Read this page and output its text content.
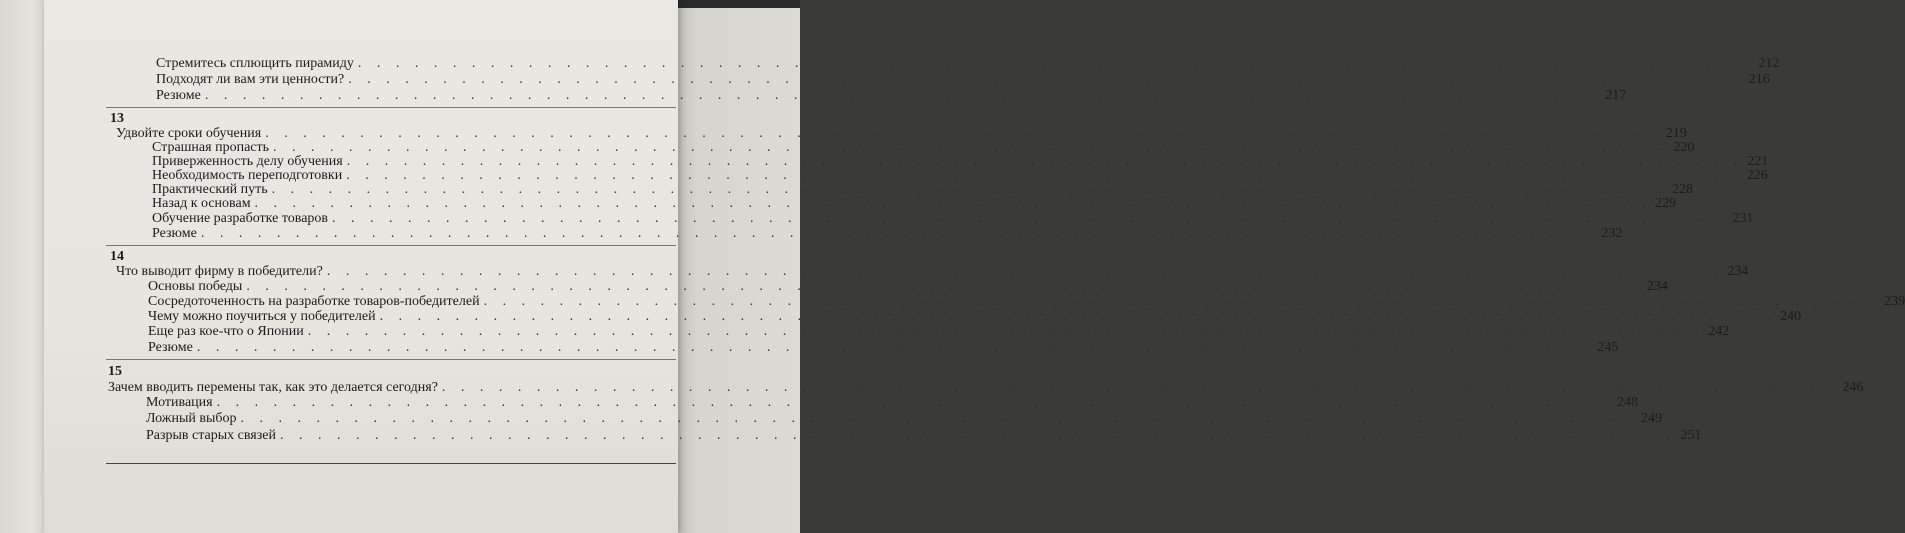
Стремитесь сплющить пирамиду . . . . . . . . . . . . . . . . . . . . . . . . . . . . . . . . . . . . . . . . . . . . . . . . . . . . . . . . . . . . . . . . . . . . . . . . . . 212
Подходят ли вам эти ценности? . . . . . . . . . . . . . . . . . . . . . . . . . . . . . . . . . . . . . . . . . . . . . . . . . . . . . . . . . . . . . . . . . . . . . . . . . . 216
Резюме . . . . . . . . . . . . . . . . . . . . . . . . . . . . . . . . . . . . . . . . . . . . . . . . . . . . . . . . . . . . . . . . . . . . . . . . . . 217
13
Удвойте сроки обучения . . . . . . . . . . . . . . . . . . . . . . . . . . . . . . . . . . . . . . . . . . . . . . . . . . . . . . . . . . . . . . . . . . . . . . . . . . 219
Страшная пропасть . . . . . . . . . . . . . . . . . . . . . . . . . . . . . . . . . . . . . . . . . . . . . . . . . . . . . . . . . . . . . . . . . . . . . . . . . . 220
Приверженность делу обучения . . . . . . . . . . . . . . . . . . . . . . . . . . . . . . . . . . . . . . . . . . . . . . . . . . . . . . . . . . . . . . . . . . . . . . . . . . 221
Необходимость переподготовки . . . . . . . . . . . . . . . . . . . . . . . . . . . . . . . . . . . . . . . . . . . . . . . . . . . . . . . . . . . . . . . . . . . . . . . . . . 226
Практический путь . . . . . . . . . . . . . . . . . . . . . . . . . . . . . . . . . . . . . . . . . . . . . . . . . . . . . . . . . . . . . . . . . . . . . . . . . . 228
Назад к основам . . . . . . . . . . . . . . . . . . . . . . . . . . . . . . . . . . . . . . . . . . . . . . . . . . . . . . . . . . . . . . . . . . . . . . . . . . 229
Обучение разработке товаров . . . . . . . . . . . . . . . . . . . . . . . . . . . . . . . . . . . . . . . . . . . . . . . . . . . . . . . . . . . . . . . . . . . . . . . . . . 231
Резюме . . . . . . . . . . . . . . . . . . . . . . . . . . . . . . . . . . . . . . . . . . . . . . . . . . . . . . . . . . . . . . . . . . . . . . . . . . 232
14
Что выводит фирму в победители? . . . . . . . . . . . . . . . . . . . . . . . . . . . . . . . . . . . . . . . . . . . . . . . . . . . . . . . . . . . . . . . . . . . . . . . . . . 234
Основы победы . . . . . . . . . . . . . . . . . . . . . . . . . . . . . . . . . . . . . . . . . . . . . . . . . . . . . . . . . . . . . . . . . . . . . . . . . . 234
Сосредоточенность на разработке товаров-победителей . . . . . . . . . . . . . . . . . . . . . . . . . . . . . . . . . . . . . . . . . . . . . . . . . . . . . . . . . . . . . . . . . . . . . . . . . . 239
Чему можно поучиться у победителей . . . . . . . . . . . . . . . . . . . . . . . . . . . . . . . . . . . . . . . . . . . . . . . . . . . . . . . . . . . . . . . . . . . . . . . . . . 240
Еще раз кое-что о Японии . . . . . . . . . . . . . . . . . . . . . . . . . . . . . . . . . . . . . . . . . . . . . . . . . . . . . . . . . . . . . . . . . . . . . . . . . . 242
Резюме . . . . . . . . . . . . . . . . . . . . . . . . . . . . . . . . . . . . . . . . . . . . . . . . . . . . . . . . . . . . . . . . . . . . . . . . . . 245
15
Зачем вводить перемены так, как это делается сегодня? . . . . . . . . . . . . . . . . . . . . . . . . . . . . . . . . . . . . . . . . . . . . . . . . . . . . . . . . . . . . . . . . . . . . . . . . . . 246
Мотивация . . . . . . . . . . . . . . . . . . . . . . . . . . . . . . . . . . . . . . . . . . . . . . . . . . . . . . . . . . . . . . . . . . . . . . . . . . 248
Ложный выбор . . . . . . . . . . . . . . . . . . . . . . . . . . . . . . . . . . . . . . . . . . . . . . . . . . . . . . . . . . . . . . . . . . . . . . . . . . 249
Разрыв старых связей . . . . . . . . . . . . . . . . . . . . . . . . . . . . . . . . . . . . . . . . . . . . . . . . . . . . . . . . . . . . . . . . . . . . . . . . . . 251
